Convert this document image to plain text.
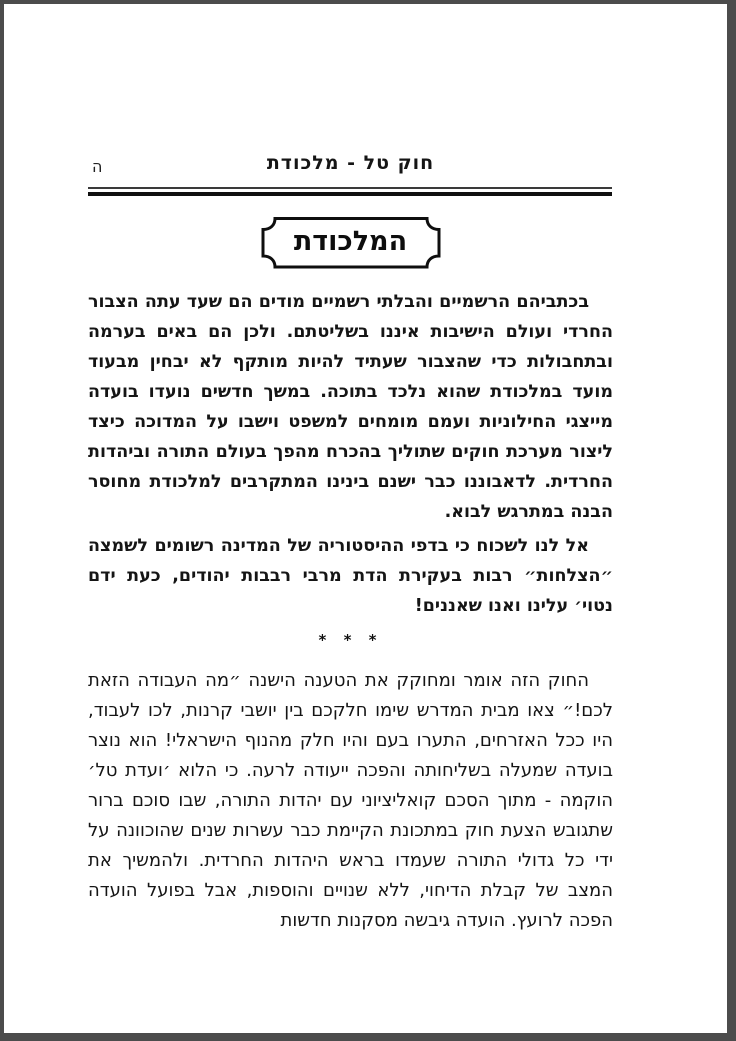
ה	חוק טל - מלכודת
המלכודת

בכתביהם הרשמיים והבלתי רשמיים מודים הם שעד עתה הצבור החרדי ועולם הישיבות איננו בשליטתם. ולכן הם באים בערמה ובתחבולות כדי שהצבור שעתיד להיות מותקף לא יבחין מבעוד מועד במלכודת שהוא נלכד בתוכה. במשך חדשים נועדו בועדה מייצגי החילוניות ועמם מומחים למשפט וישבו על המדוכה כיצד ליצור מערכת חוקים שתוליך בהכרח מהפך בעולם התורה וביהדות החרדית. לדאבוננו כבר ישנם בינינו המתקרבים למלכודת מחוסר הבנה במתרגש לבוא.

אל לנו לשכוח כי בדפי ההיסטוריה של המדינה רשומים לשמצה ״הצלחות״ רבות בעקירת הדת מרבי רבבות יהודים, כעת ידם נטוי׳ עלינו ואנו שאננים!

* * *

החוק הזה אומר ומחוקק את הטענה הישנה ״מה העבודה הזאת לכם!״ צאו מבית המדרש שימו חלקכם בין יושבי קרנות, לכו לעבוד, היו ככל האזרחים, התערו בעם והיו חלק מהנוף הישראלי! הוא נוצר בועדה שמעלה בשליחותה והפכה ייעודה לרעה. כי הלוא ׳ועדת טל׳ הוקמה - מתוך הסכם קואליציוני עם יהדות התורה, שבו סוכם ברור שתגובש הצעת חוק במתכונת הקיימת כבר עשרות שנים שהוכוונה על ידי כל גדולי התורה שעמדו בראש היהדות החרדית. ולהמשיך את המצב של קבלת הדיחוי, ללא שנויים והוספות, אבל בפועל הועדה הפכה לרועץ. הועדה גיבשה מסקנות חדשות
